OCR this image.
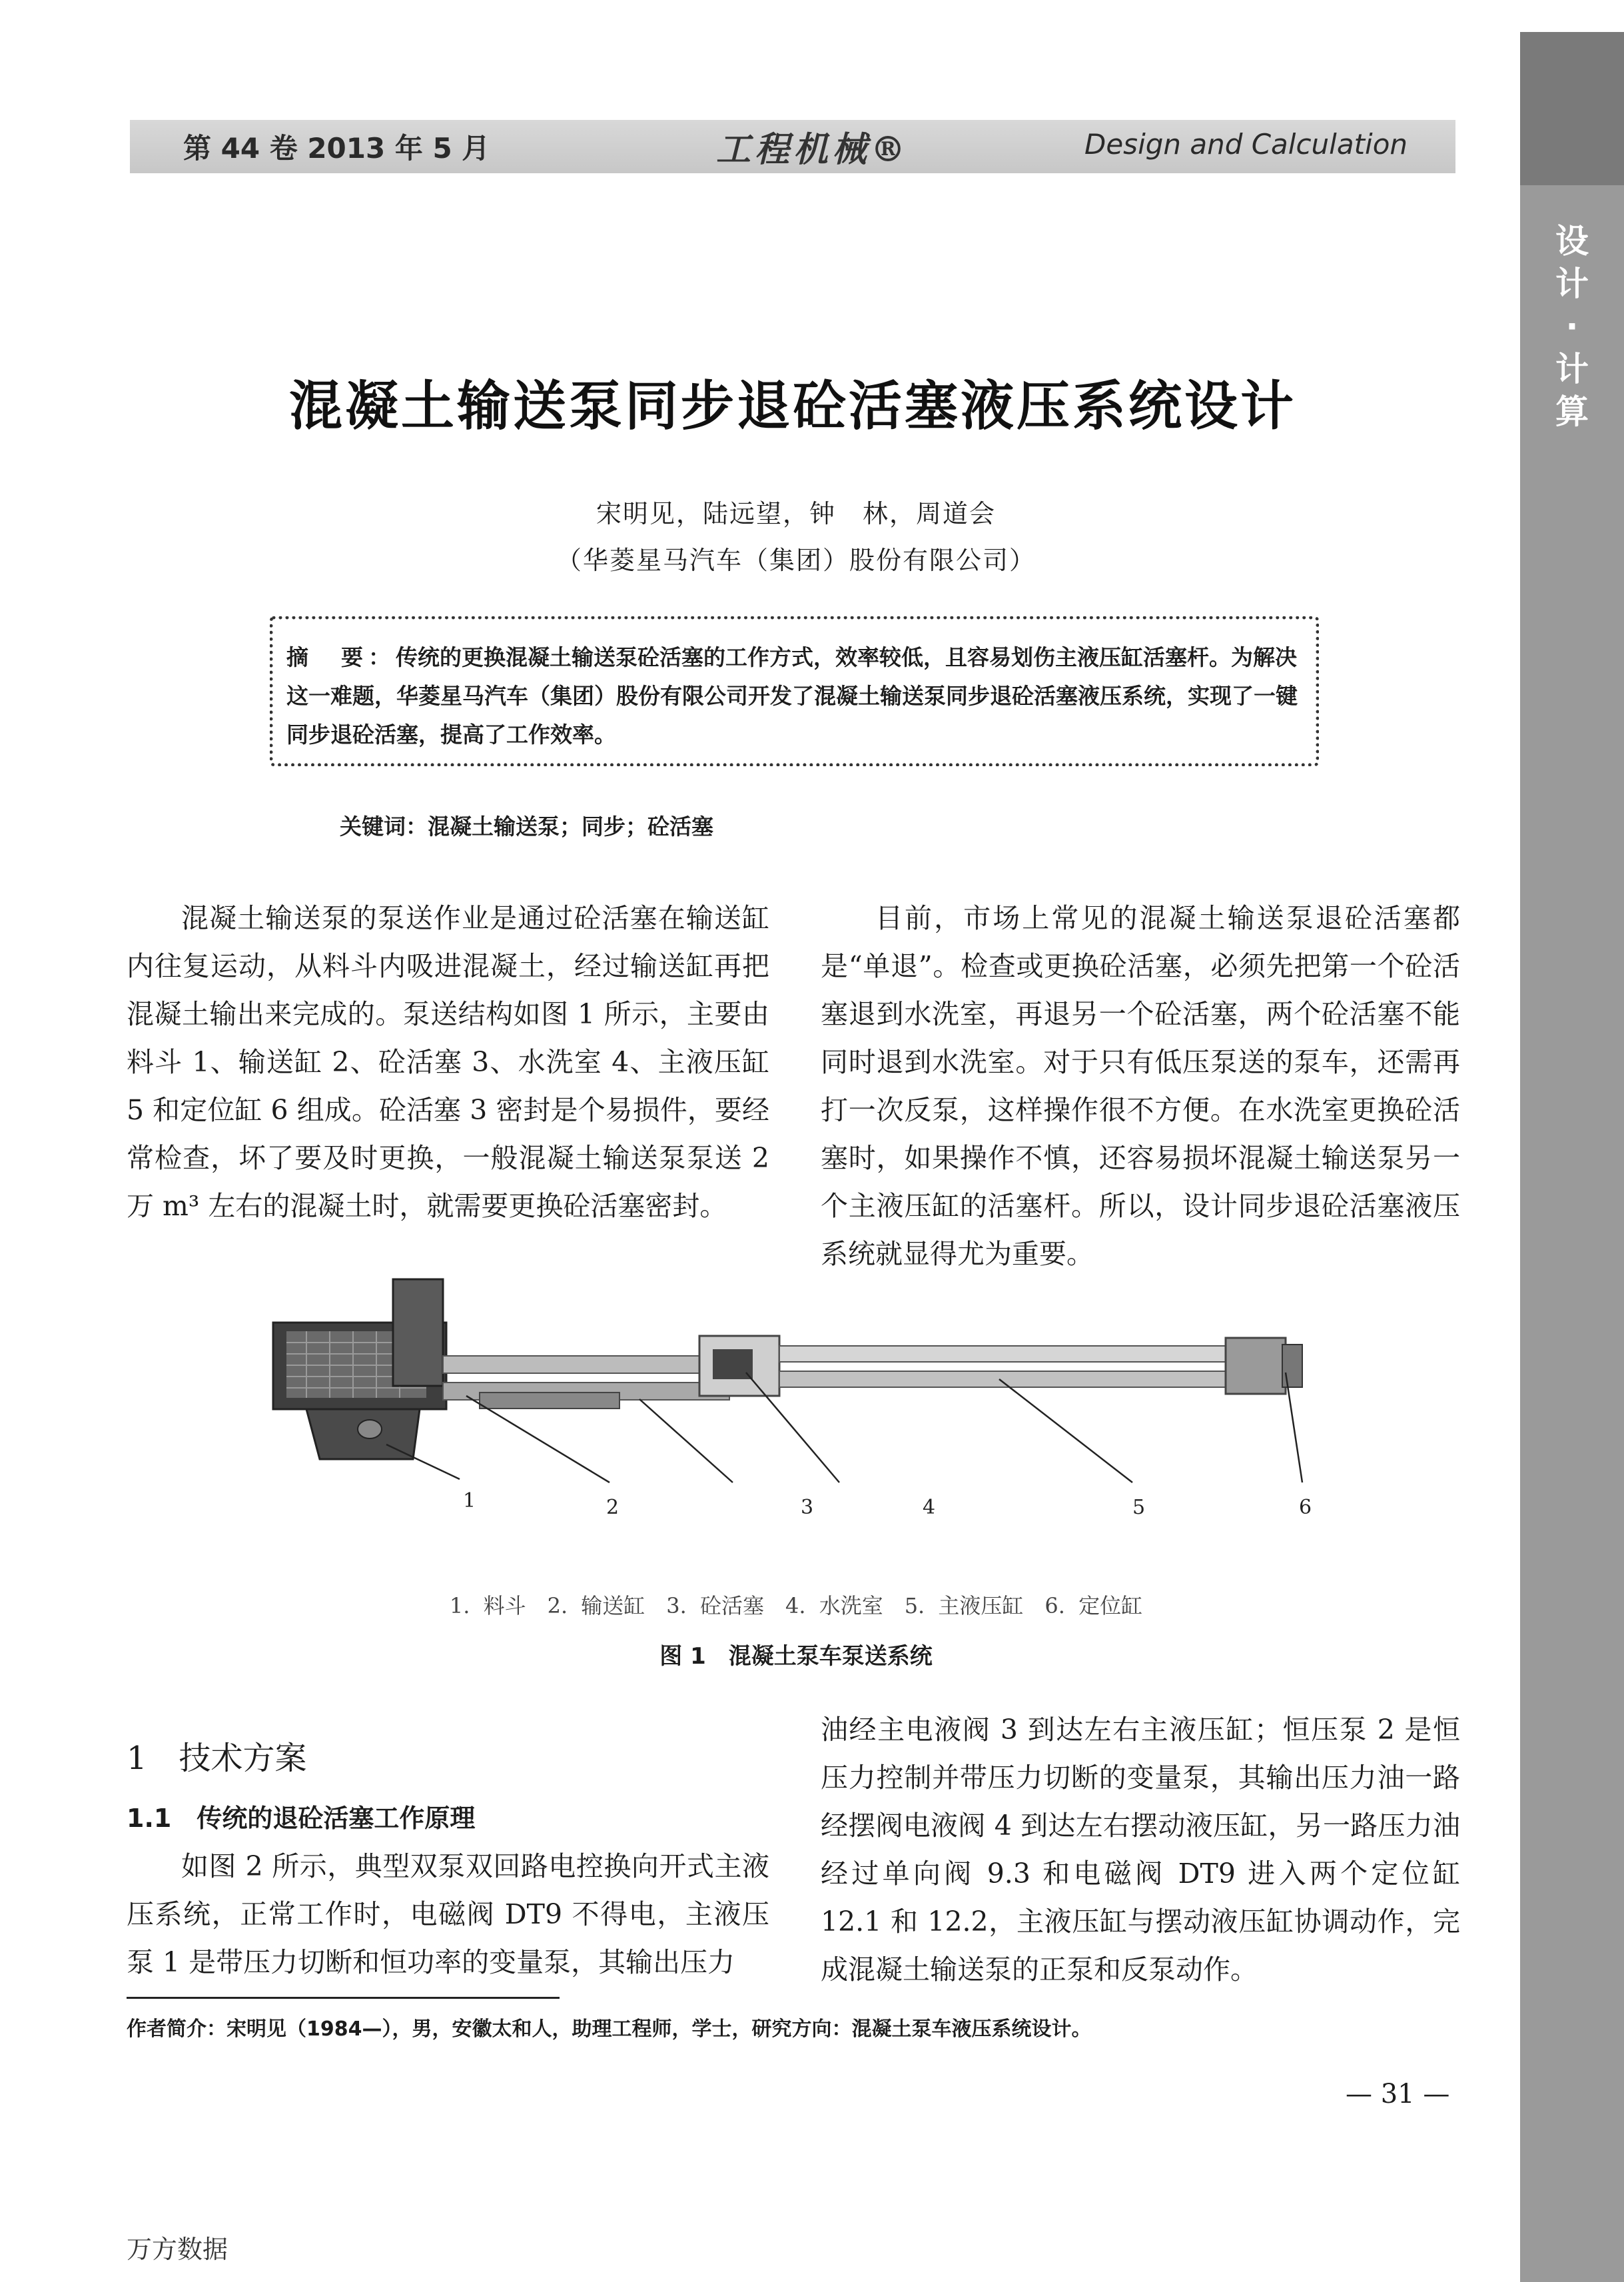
第 44 卷 2013 年 5 月	工程机械®	Design and Calculation
设
计
·
计
算
混凝土输送泵同步退砼活塞液压系统设计
宋明见，陆远望，钟　林，周道会
（华菱星马汽车（集团）股份有限公司）
摘　要：传统的更换混凝土输送泵砼活塞的工作方式，效率较低，且容易划伤主液压缸活塞杆。为解决这一难题，华菱星马汽车（集团）股份有限公司开发了混凝土输送泵同步退砼活塞液压系统，实现了一键同步退砼活塞，提高了工作效率。
关键词：混凝土输送泵；同步；砼活塞
混凝土输送泵的泵送作业是通过砼活塞在输送缸内往复运动，从料斗内吸进混凝土，经过输送缸再把混凝土输出来完成的。泵送结构如图 1 所示，主要由料斗 1、输送缸 2、砼活塞 3、水洗室 4、主液压缸 5 和定位缸 6 组成。砼活塞 3 密封是个易损件，要经常检查，坏了要及时更换，一般混凝土输送泵泵送 2 万 m³ 左右的混凝土时，就需要更换砼活塞密封。
目前，市场上常见的混凝土输送泵退砼活塞都是“单退”。检查或更换砼活塞，必须先把第一个砼活塞退到水洗室，再退另一个砼活塞，两个砼活塞不能同时退到水洗室。对于只有低压泵送的泵车，还需再打一次反泵，这样操作很不方便。在水洗室更换砼活塞时，如果操作不慎，还容易损坏混凝土输送泵另一个主液压缸的活塞杆。所以，设计同步退砼活塞液压系统就显得尤为重要。
1	2	3	4	5	6
1. 料斗　2. 输送缸　3. 砼活塞　4. 水洗室　5. 主液压缸　6. 定位缸
图 1　混凝土泵车泵送系统
1　技术方案
1.1　传统的退砼活塞工作原理
如图 2 所示，典型双泵双回路电控换向开式主液压系统，正常工作时，电磁阀 DT9 不得电，主液压泵 1 是带压力切断和恒功率的变量泵，其输出压力
油经主电液阀 3 到达左右主液压缸；恒压泵 2 是恒压力控制并带压力切断的变量泵，其输出压力油一路经摆阀电液阀 4 到达左右摆动液压缸，另一路压力油经过单向阀 9.3 和电磁阀 DT9 进入两个定位缸 12.1 和 12.2，主液压缸与摆动液压缸协调动作，完成混凝土输送泵的正泵和反泵动作。
作者简介：宋明见（1984—），男，安徽太和人，助理工程师，学士，研究方向：混凝土泵车液压系统设计。
— 31 —
万方数据
